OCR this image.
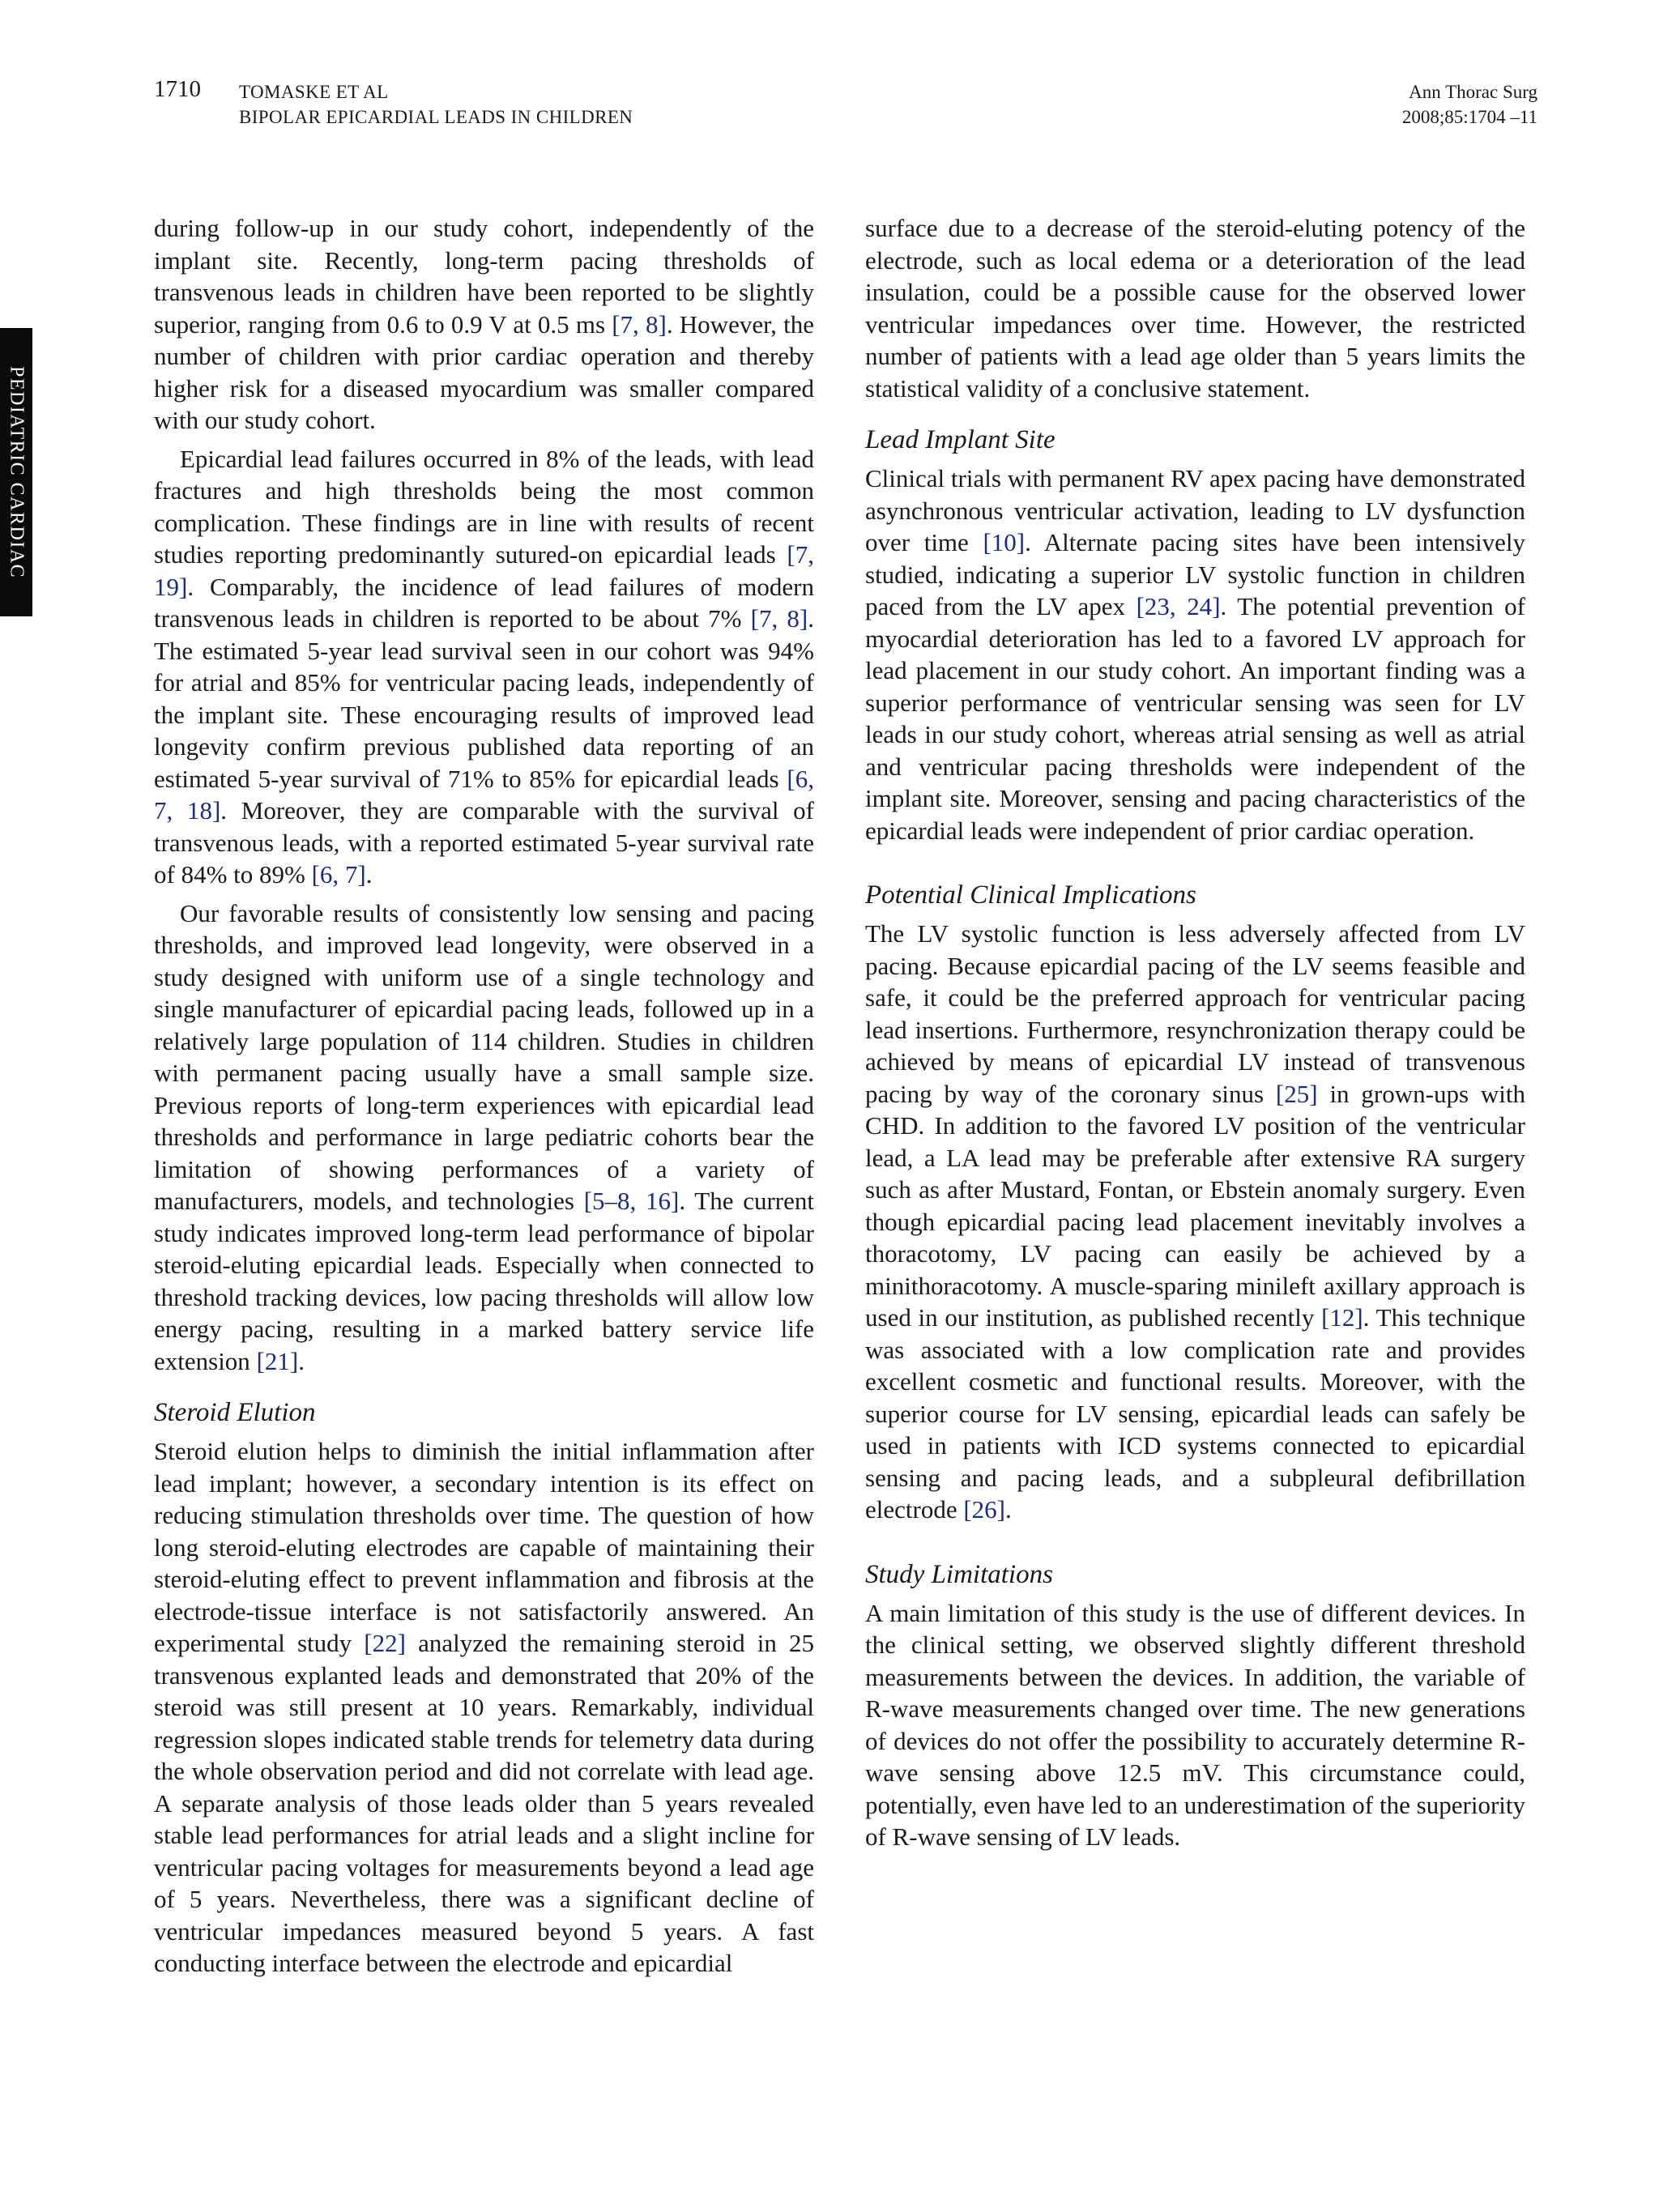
1710 TOMASKE ET AL
BIPOLAR EPICARDIAL LEADS IN CHILDREN
Ann Thorac Surg
2008;85:1704 –11
PEDIATRIC CARDIAC

during follow-up in our study cohort, independently of the implant site. Recently, long-term pacing thresholds of transvenous leads in children have been reported to be slightly superior, ranging from 0.6 to 0.9 V at 0.5 ms [7, 8]. However, the number of children with prior cardiac operation and thereby higher risk for a diseased myocardium was smaller compared with our study cohort.

Epicardial lead failures occurred in 8% of the leads, with lead fractures and high thresholds being the most common complication. These findings are in line with results of recent studies reporting predominantly sutured-on epicardial leads [7, 19]. Comparably, the incidence of lead failures of modern transvenous leads in children is reported to be about 7% [7, 8]. The estimated 5-year lead survival seen in our cohort was 94% for atrial and 85% for ventricular pacing leads, independently of the implant site. These encouraging results of improved lead longevity confirm previous published data reporting of an estimated 5-year survival of 71% to 85% for epicardial leads [6, 7, 18]. Moreover, they are comparable with the survival of transvenous leads, with a reported estimated 5-year survival rate of 84% to 89% [6, 7].

Our favorable results of consistently low sensing and pacing thresholds, and improved lead longevity, were observed in a study designed with uniform use of a single technology and single manufacturer of epicardial pacing leads, followed up in a relatively large population of 114 children. Studies in children with permanent pacing usually have a small sample size. Previous reports of long-term experiences with epicardial lead thresholds and performance in large pediatric cohorts bear the limitation of showing performances of a variety of manufacturers, models, and technologies [5–8, 16]. The current study indicates improved long-term lead performance of bipolar steroid-eluting epicardial leads. Especially when connected to threshold tracking devices, low pacing thresholds will allow low energy pacing, resulting in a marked battery service life extension [21].

Steroid Elution

Steroid elution helps to diminish the initial inflammation after lead implant; however, a secondary intention is its effect on reducing stimulation thresholds over time. The question of how long steroid-eluting electrodes are capable of maintaining their steroid-eluting effect to prevent inflammation and fibrosis at the electrode-tissue interface is not satisfactorily answered. An experimental study [22] analyzed the remaining steroid in 25 transvenous explanted leads and demonstrated that 20% of the steroid was still present at 10 years. Remarkably, individual regression slopes indicated stable trends for telemetry data during the whole observation period and did not correlate with lead age. A separate analysis of those leads older than 5 years revealed stable lead performances for atrial leads and a slight incline for ventricular pacing voltages for measurements beyond a lead age of 5 years. Nevertheless, there was a significant decline of ventricular impedances measured beyond 5 years. A fast conducting interface between the electrode and epicardial

surface due to a decrease of the steroid-eluting potency of the electrode, such as local edema or a deterioration of the lead insulation, could be a possible cause for the observed lower ventricular impedances over time. However, the restricted number of patients with a lead age older than 5 years limits the statistical validity of a conclusive statement.

Lead Implant Site

Clinical trials with permanent RV apex pacing have demonstrated asynchronous ventricular activation, leading to LV dysfunction over time [10]. Alternate pacing sites have been intensively studied, indicating a superior LV systolic function in children paced from the LV apex [23, 24]. The potential prevention of myocardial deterioration has led to a favored LV approach for lead placement in our study cohort. An important finding was a superior performance of ventricular sensing was seen for LV leads in our study cohort, whereas atrial sensing as well as atrial and ventricular pacing thresholds were independent of the implant site. Moreover, sensing and pacing characteristics of the epicardial leads were independent of prior cardiac operation.

Potential Clinical Implications

The LV systolic function is less adversely affected from LV pacing. Because epicardial pacing of the LV seems feasible and safe, it could be the preferred approach for ventricular pacing lead insertions. Furthermore, resynchronization therapy could be achieved by means of epicardial LV instead of transvenous pacing by way of the coronary sinus [25] in grown-ups with CHD. In addition to the favored LV position of the ventricular lead, a LA lead may be preferable after extensive RA surgery such as after Mustard, Fontan, or Ebstein anomaly surgery. Even though epicardial pacing lead placement inevitably involves a thoracotomy, LV pacing can easily be achieved by a minithoracotomy. A muscle-sparing minileft axillary approach is used in our institution, as published recently [12]. This technique was associated with a low complication rate and provides excellent cosmetic and functional results. Moreover, with the superior course for LV sensing, epicardial leads can safely be used in patients with ICD systems connected to epicardial sensing and pacing leads, and a subpleural defibrillation electrode [26].

Study Limitations

A main limitation of this study is the use of different devices. In the clinical setting, we observed slightly different threshold measurements between the devices. In addition, the variable of R-wave measurements changed over time. The new generations of devices do not offer the possibility to accurately determine R-wave sensing above 12.5 mV. This circumstance could, potentially, even have led to an underestimation of the superiority of R-wave sensing of LV leads.
